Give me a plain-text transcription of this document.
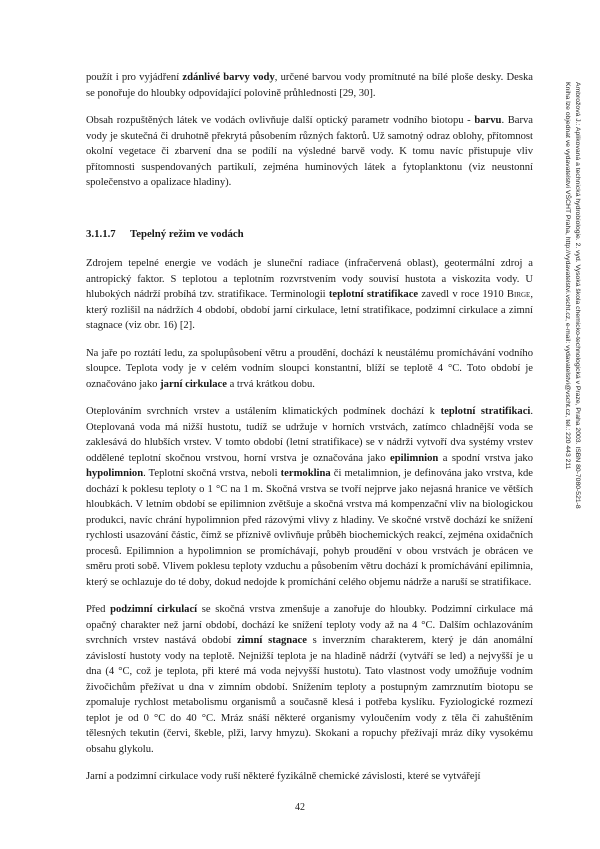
Ambrožová J.: Aplikovaná a technická hydrobiologie. 2. vyd. Vysoká škola chemicko-technologická v Praze, Praha 2003. ISBN 80-7080-521-8
Kniha lze objednat ve vydavatelství VŠCHT Praha, http://vydavatelstvi.vscht.cz, e-mail: vydavatelstvi@vscht.cz, tel.: 220 443 211

použít i pro vyjádření zdánlivé barvy vody, určené barvou vody promítnuté na bílé ploše desky. Deska se ponořuje do hloubky odpovídající polovině průhlednosti [29, 30].

Obsah rozpuštěných látek ve vodách ovlivňuje další optický parametr vodního biotopu - barvu. Barva vody je skutečná či druhotně překrytá působením různých faktorů. Už samotný odraz oblohy, přítomnost okolní vegetace či zbarvení dna se podílí na výsledné barvě vody. K tomu navíc přistupuje vliv přítomnosti suspendovaných partikulí, zejména huminových látek a fytoplanktonu (viz neustonní společenstvo a opalizace hladiny).

3.1.1.7 Tepelný režim ve vodách

Zdrojem tepelné energie ve vodách je sluneční radiace (infračervená oblast), geotermální zdroj a antropický faktor. S teplotou a teplotním rozvrstvením vody souvisí hustota a viskozita vody. U hlubokých nádrží probíhá tzv. stratifikace. Terminologii teplotní stratifikace zavedl v roce 1910 Birge, který rozlišil na nádržích 4 období, období jarní cirkulace, letní stratifikace, podzimní cirkulace a zimní stagnace (viz obr. 16) [2].

Na jaře po roztátí ledu, za spolupůsobení větru a proudění, dochází k neustálému promíchávání vodního sloupce. Teplota vody je v celém vodním sloupci konstantní, blíží se teplotě 4 °C. Toto období je označováno jako jarní cirkulace a trvá krátkou dobu.

Oteplováním svrchních vrstev a ustálením klimatických podmínek dochází k teplotní stratifikaci. Oteplovaná voda má nižší hustotu, tudíž se udržuje v horních vrstvách, zatímco chladnější voda se zaklesává do hlubších vrstev. V tomto období (letní stratifikace) se v nádrži vytvoří dva systémy vrstev oddělené teplotní skočnou vrstvou, horní vrstva je označována jako epilimnion a spodní vrstva jako hypolimnion. Teplotní skočná vrstva, neboli termoklina či metalimnion, je definována jako vrstva, kde dochází k poklesu teploty o 1 °C na 1 m. Skočná vrstva se tvoří nejprve jako nejasná hranice ve větších hloubkách. V letním období se epilimnion zvětšuje a skočná vrstva má kompenzační vliv na biologickou produkci, navíc chrání hypolimnion před rázovými vlivy z hladiny. Ve skočné vrstvě dochází ke snížení rychlosti usazování částic, čímž se příznivě ovlivňuje průběh biochemických reakcí, zejména oxidačních procesů. Epilimnion a hypolimnion se promíchávají, pohyb proudění v obou vrstvách je obrácen ve směru proti sobě. Vlivem poklesu teploty vzduchu a působením větru dochází k promíchávání epilimnia, který se ochlazuje do té doby, dokud nedojde k promíchání celého objemu nádrže a naruší se stratifikace.

Před podzimní cirkulací se skočná vrstva zmenšuje a zanořuje do hloubky. Podzimní cirkulace má opačný charakter než jarní období, dochází ke snížení teploty vody až na 4 °C. Dalším ochlazováním svrchních vrstev nastává období zimní stagnace s inverzním charakterem, který je dán anomální závislostí hustoty vody na teplotě. Nejnižší teplota je na hladině nádrží (vytváří se led) a nejvyšší je u dna (4 °C, což je teplota, při které má voda nejvyšší hustotu). Tato vlastnost vody umožňuje vodním živočichům přežívat u dna v zimním období. Snížením teploty a postupným zamrznutím biotopu se zpomaluje rychlost metabolismu organismů a současně klesá i potřeba kyslíku. Fyziologické rozmezí teplot je od 0 °C do 40 °C. Mráz snáší některé organismy vyloučením vody z těla či zahuštěním tělesných tekutin (červi, škeble, plži, larvy hmyzu). Skokani a ropuchy přežívají mráz díky vysokému obsahu glykolu.

Jarní a podzimní cirkulace vody ruší některé fyzikálně chemické závislosti, které se vytvářejí

42
